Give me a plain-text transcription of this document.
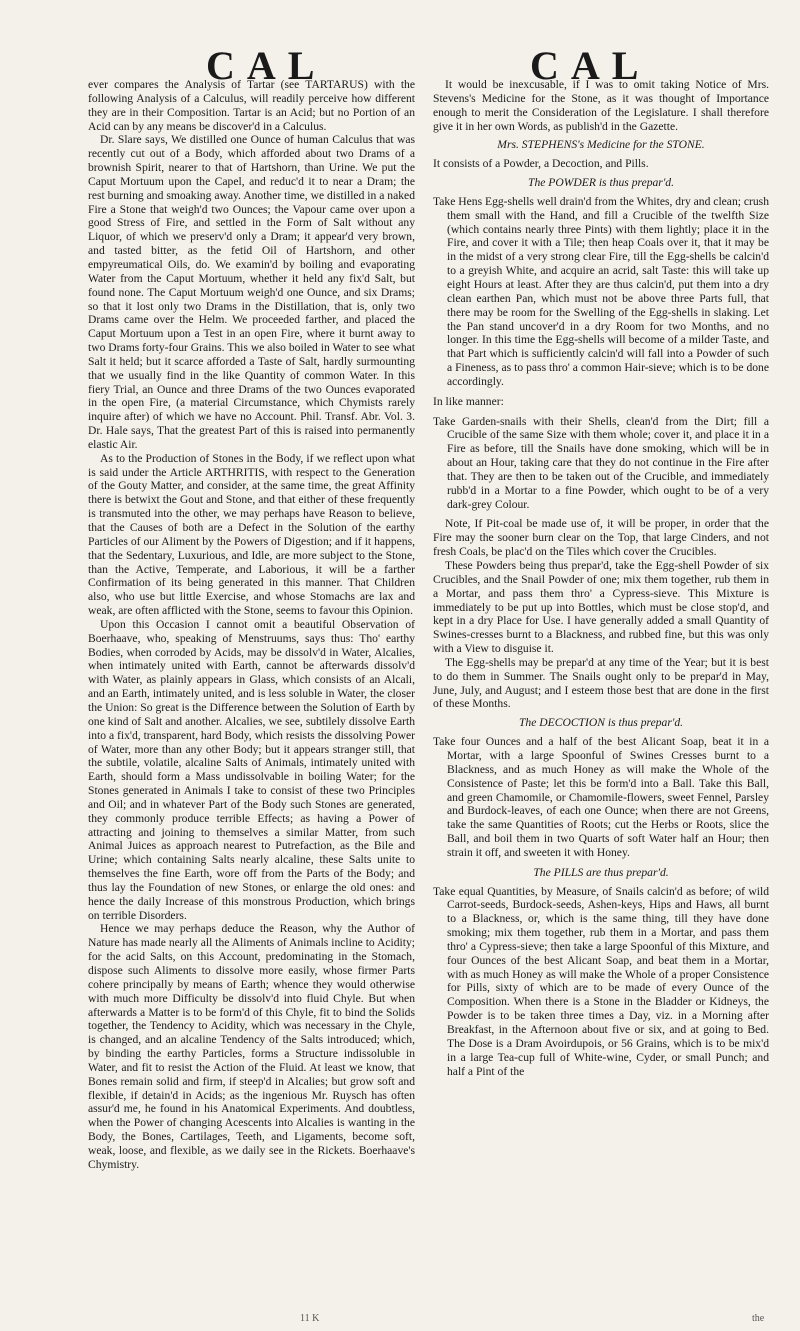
CAL	CAL

ever compares the Analysis of Tartar (see TARTARUS) with the following Analysis of a Calculus, will readily perceive how different they are in their Composition. Tartar is an Acid; but no Portion of an Acid can by any means be discover'd in a Calculus.

Dr. Slare says, We distilled one Ounce of human Calculus that was recently cut out of a Body, which afforded about two Drams of a brownish Spirit, nearer to that of Hartshorn, than Urine. We put the Caput Mortuum upon the Capel, and reduc'd it to near a Dram; the rest burning and smoaking away. Another time, we distilled in a naked Fire a Stone that weigh'd two Ounces; the Vapour came over upon a good Stress of Fire, and settled in the Form of Salt without any Liquor, of which we preserv'd only a Dram; it appear'd very brown, and tasted bitter, as the fetid Oil of Hartshorn, and other empyreumatical Oils, do. We examin'd by boiling and evaporating Water from the Caput Mortuum, whether it held any fix'd Salt, but found none. The Caput Mortuum weigh'd one Ounce, and six Drams; so that it lost only two Drams in the Distillation, that is, only two Drams came over the Helm. We proceeded farther, and placed the Caput Mortuum upon a Test in an open Fire, where it burnt away to two Drams forty-four Grains. This we also boiled in Water to see what Salt it held; but it scarce afforded a Taste of Salt, hardly surmounting that we usually find in the like Quantity of common Water. In this fiery Trial, an Ounce and three Drams of the two Ounces evaporated in the open Fire, (a material Circumstance, which Chymists rarely inquire after) of which we have no Account. Phil. Transf. Abr. Vol. 3. Dr. Hale says, That the greatest Part of this is raised into permanently elastic Air.

As to the Production of Stones in the Body, if we reflect upon what is said under the Article ARTHRITIS, with respect to the Generation of the Gouty Matter, and consider, at the same time, the great Affinity there is betwixt the Gout and Stone, and that either of these frequently is transmuted into the other, we may perhaps have Reason to believe, that the Causes of both are a Defect in the Solution of the earthy Particles of our Aliment by the Powers of Digestion; and if it happens, that the Sedentary, Luxurious, and Idle, are more subject to the Stone, than the Active, Temperate, and Laborious, it will be a farther Confirmation of its being generated in this manner. That Children also, who use but little Exercise, and whose Stomachs are lax and weak, are often afflicted with the Stone, seems to favour this Opinion.

Upon this Occasion I cannot omit a beautiful Observation of Boerhaave, who, speaking of Menstruums, says thus: Tho' earthy Bodies, when corroded by Acids, may be dissolv'd in Water, Alcalies, when intimately united with Earth, cannot be afterwards dissolv'd with Water, as plainly appears in Glass, which consists of an Alcali, and an Earth, intimately united, and is less soluble in Water, the closer the Union: So great is the Difference between the Solution of Earth by one kind of Salt and another. Alcalies, we see, subtilely dissolve Earth into a fix'd, transparent, hard Body, which resists the dissolving Power of Water, more than any other Body; but it appears stranger still, that the subtile, volatile, alcaline Salts of Animals, intimately united with Earth, should form a Mass undissolvable in boiling Water; for the Stones generated in Animals I take to consist of these two Principles and Oil; and in whatever Part of the Body such Stones are generated, they commonly produce terrible Effects; as having a Power of attracting and joining to themselves a similar Matter, from such Animal Juices as approach nearest to Putrefaction, as the Bile and Urine; which containing Salts nearly alcaline, these Salts unite to themselves the fine Earth, wore off from the Parts of the Body; and thus lay the Foundation of new Stones, or enlarge the old ones: and hence the daily Increase of this monstrous Production, which brings on terrible Disorders.

Hence we may perhaps deduce the Reason, why the Author of Nature has made nearly all the Aliments of Animals incline to Acidity; for the acid Salts, on this Account, predominating in the Stomach, dispose such Aliments to dissolve more easily, whose firmer Parts cohere principally by means of Earth; whence they would otherwise with much more Difficulty be dissolv'd into fluid Chyle. But when afterwards a Matter is to be form'd of this Chyle, fit to bind the Solids together, the Tendency to Acidity, which was necessary in the Chyle, is changed, and an alcaline Tendency of the Salts introduced; which, by binding the earthy Particles, forms a Structure indissoluble in Water, and fit to resist the Action of the Fluid. At least we know, that Bones remain solid and firm, if steep'd in Alcalies; but grow soft and flexible, if detain'd in Acids; as the ingenious Mr. Ruysch has often assur'd me, he found in his Anatomical Experiments. And doubtless, when the Power of changing Acescents into Alcalies is wanting in the Body, the Bones, Cartilages, Teeth, and Ligaments, become soft, weak, loose, and flexible, as we daily see in the Rickets. Boerhaave's Chymistry.

It would be inexcusable, if I was to omit taking Notice of Mrs. Stevens's Medicine for the Stone, as it was thought of Importance enough to merit the Consideration of the Legislature. I shall therefore give it in her own Words, as publish'd in the Gazette.

Mrs. STEPHENS's Medicine for the STONE.

It consists of a Powder, a Decoction, and Pills.

The POWDER is thus prepar'd.

Take Hens Egg-shells well drain'd from the Whites, dry and clean; crush them small with the Hand, and fill a Crucible of the twelfth Size (which contains nearly three Pints) with them lightly; place it in the Fire, and cover it with a Tile; then heap Coals over it, that it may be in the midst of a very strong clear Fire, till the Egg-shells be calcin'd to a greyish White, and acquire an acrid, salt Taste: this will take up eight Hours at least. After they are thus calcin'd, put them into a dry clean earthen Pan, which must not be above three Parts full, that there may be room for the Swelling of the Egg-shells in slaking. Let the Pan stand uncover'd in a dry Room for two Months, and no longer. In this time the Egg-shells will become of a milder Taste, and that Part which is sufficiently calcin'd will fall into a Powder of such a Fineness, as to pass thro' a common Hair-sieve; which is to be done accordingly.

In like manner:

Take Garden-snails with their Shells, clean'd from the Dirt; fill a Crucible of the same Size with them whole; cover it, and place it in a Fire as before, till the Snails have done smoking, which will be in about an Hour, taking care that they do not continue in the Fire after that. They are then to be taken out of the Crucible, and immediately rubb'd in a Mortar to a fine Powder, which ought to be of a very dark-grey Colour.

Note, If Pit-coal be made use of, it will be proper, in order that the Fire may the sooner burn clear on the Top, that large Cinders, and not fresh Coals, be plac'd on the Tiles which cover the Crucibles.

These Powders being thus prepar'd, take the Egg-shell Powder of six Crucibles, and the Snail Powder of one; mix them together, rub them in a Mortar, and pass them thro' a Cypress-sieve. This Mixture is immediately to be put up into Bottles, which must be close stop'd, and kept in a dry Place for Use. I have generally added a small Quantity of Swines-cresses burnt to a Blackness, and rubbed fine, but this was only with a View to disguise it.

The Egg-shells may be prepar'd at any time of the Year; but it is best to do them in Summer. The Snails ought only to be prepar'd in May, June, July, and August; and I esteem those best that are done in the first of these Months.

The DECOCTION is thus prepar'd.

Take four Ounces and a half of the best Alicant Soap, beat it in a Mortar, with a large Spoonful of Swines Cresses burnt to a Blackness, and as much Honey as will make the Whole of the Consistence of Paste; let this be form'd into a Ball. Take this Ball, and green Chamomile, or Chamomile-flowers, sweet Fennel, Parsley and Burdock-leaves, of each one Ounce; when there are not Greens, take the same Quantities of Roots; cut the Herbs or Roots, slice the Ball, and boil them in two Quarts of soft Water half an Hour; then strain it off, and sweeten it with Honey.

The PILLS are thus prepar'd.

Take equal Quantities, by Measure, of Snails calcin'd as before; of wild Carrot-seeds, Burdock-seeds, Ashen-keys, Hips and Haws, all burnt to a Blackness, or, which is the same thing, till they have done smoking; mix them together, rub them in a Mortar, and pass them thro' a Cypress-sieve; then take a large Spoonful of this Mixture, and four Ounces of the best Alicant Soap, and beat them in a Mortar, with as much Honey as will make the Whole of a proper Consistence for Pills, sixty of which are to be made of every Ounce of the Composition. When there is a Stone in the Bladder or Kidneys, the Powder is to be taken three times a Day, viz. in a Morning after Breakfast, in the Afternoon about five or six, and at going to Bed. The Dose is a Dram Avoirdupois, or 56 Grains, which is to be mix'd in a large Tea-cup full of White-wine, Cyder, or small Punch; and half a Pint of the

11 K	the
